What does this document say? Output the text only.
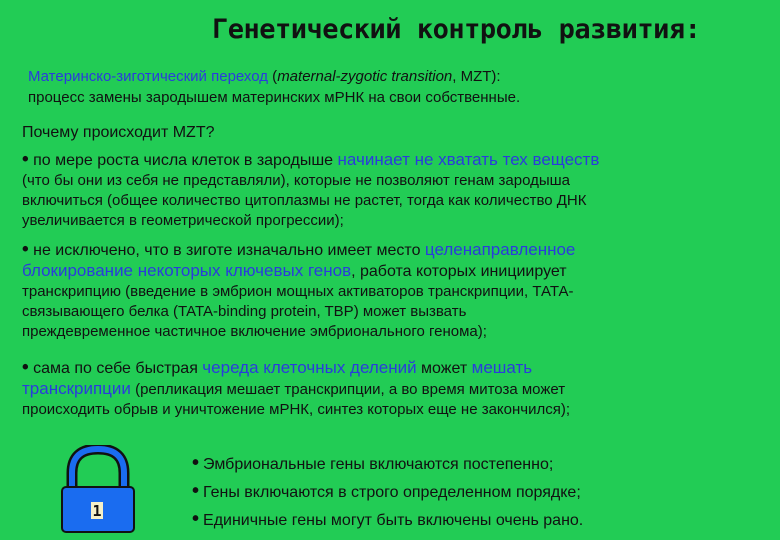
Генетический контроль развития:
Материнско-зиготический переход (maternal-zygotic transition, MZT):
процесс замены зародышем материнских мРНК на свои собственные.
Почему происходит MZT?
• по мере роста числа клеток в зародыше начинает не хватать тех веществ
(что бы они из себя не представляли), которые не позволяют генам зародыша
включиться (общее количество цитоплазмы не растет, тогда как количество ДНК
увеличивается в геометрической прогрессии);
• не исключено, что в зиготе изначально имеет место целенаправленное
блокирование некоторых ключевых генов, работа которых инициирует
транскрипцию (введение в эмбрион мощных активаторов транскрипции, ТАТА-
связывающего белка (TATA-binding protein, TBP) может вызвать
преждевременное частичное включение эмбрионального генома);
• сама по себе быстрая череда клеточных делений может мешать
транскрипции (репликация мешает транскрипции, а во время митоза может
происходить обрыв и уничтожение мРНК, синтез которых еще не закончился);
1
• Эмбриональные гены включаются постепенно;
• Гены включаются в строго определенном порядке;
• Единичные гены могут быть включены очень рано.
